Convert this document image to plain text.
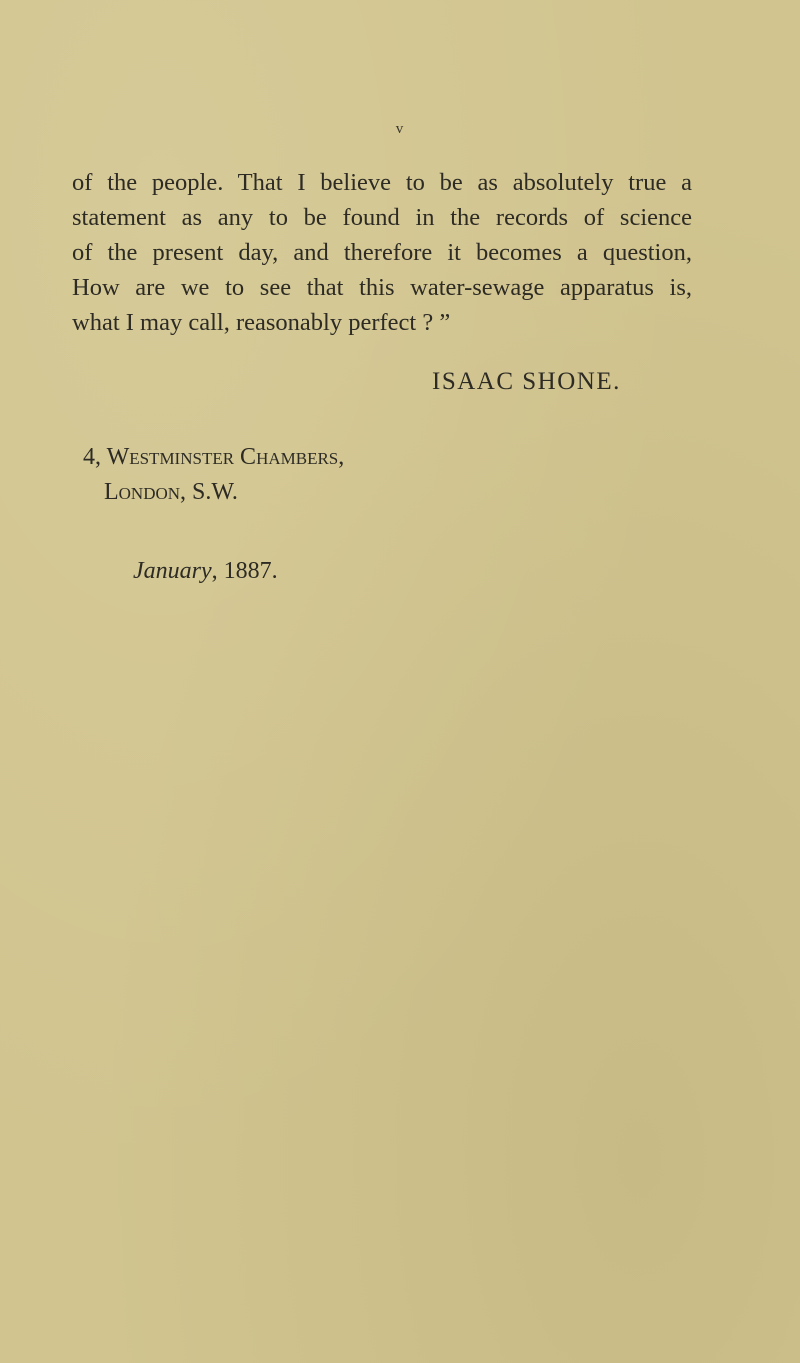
v
of the people. That I believe to be as absolutely true a
statement as any to be found in the records of science
of the present day, and therefore it becomes a question,
How are we to see that this water-sewage apparatus is,
what I may call, reasonably perfect ? ”
ISAAC SHONE.
4, Westminster Chambers,
London, S.W.
January, 1887.
